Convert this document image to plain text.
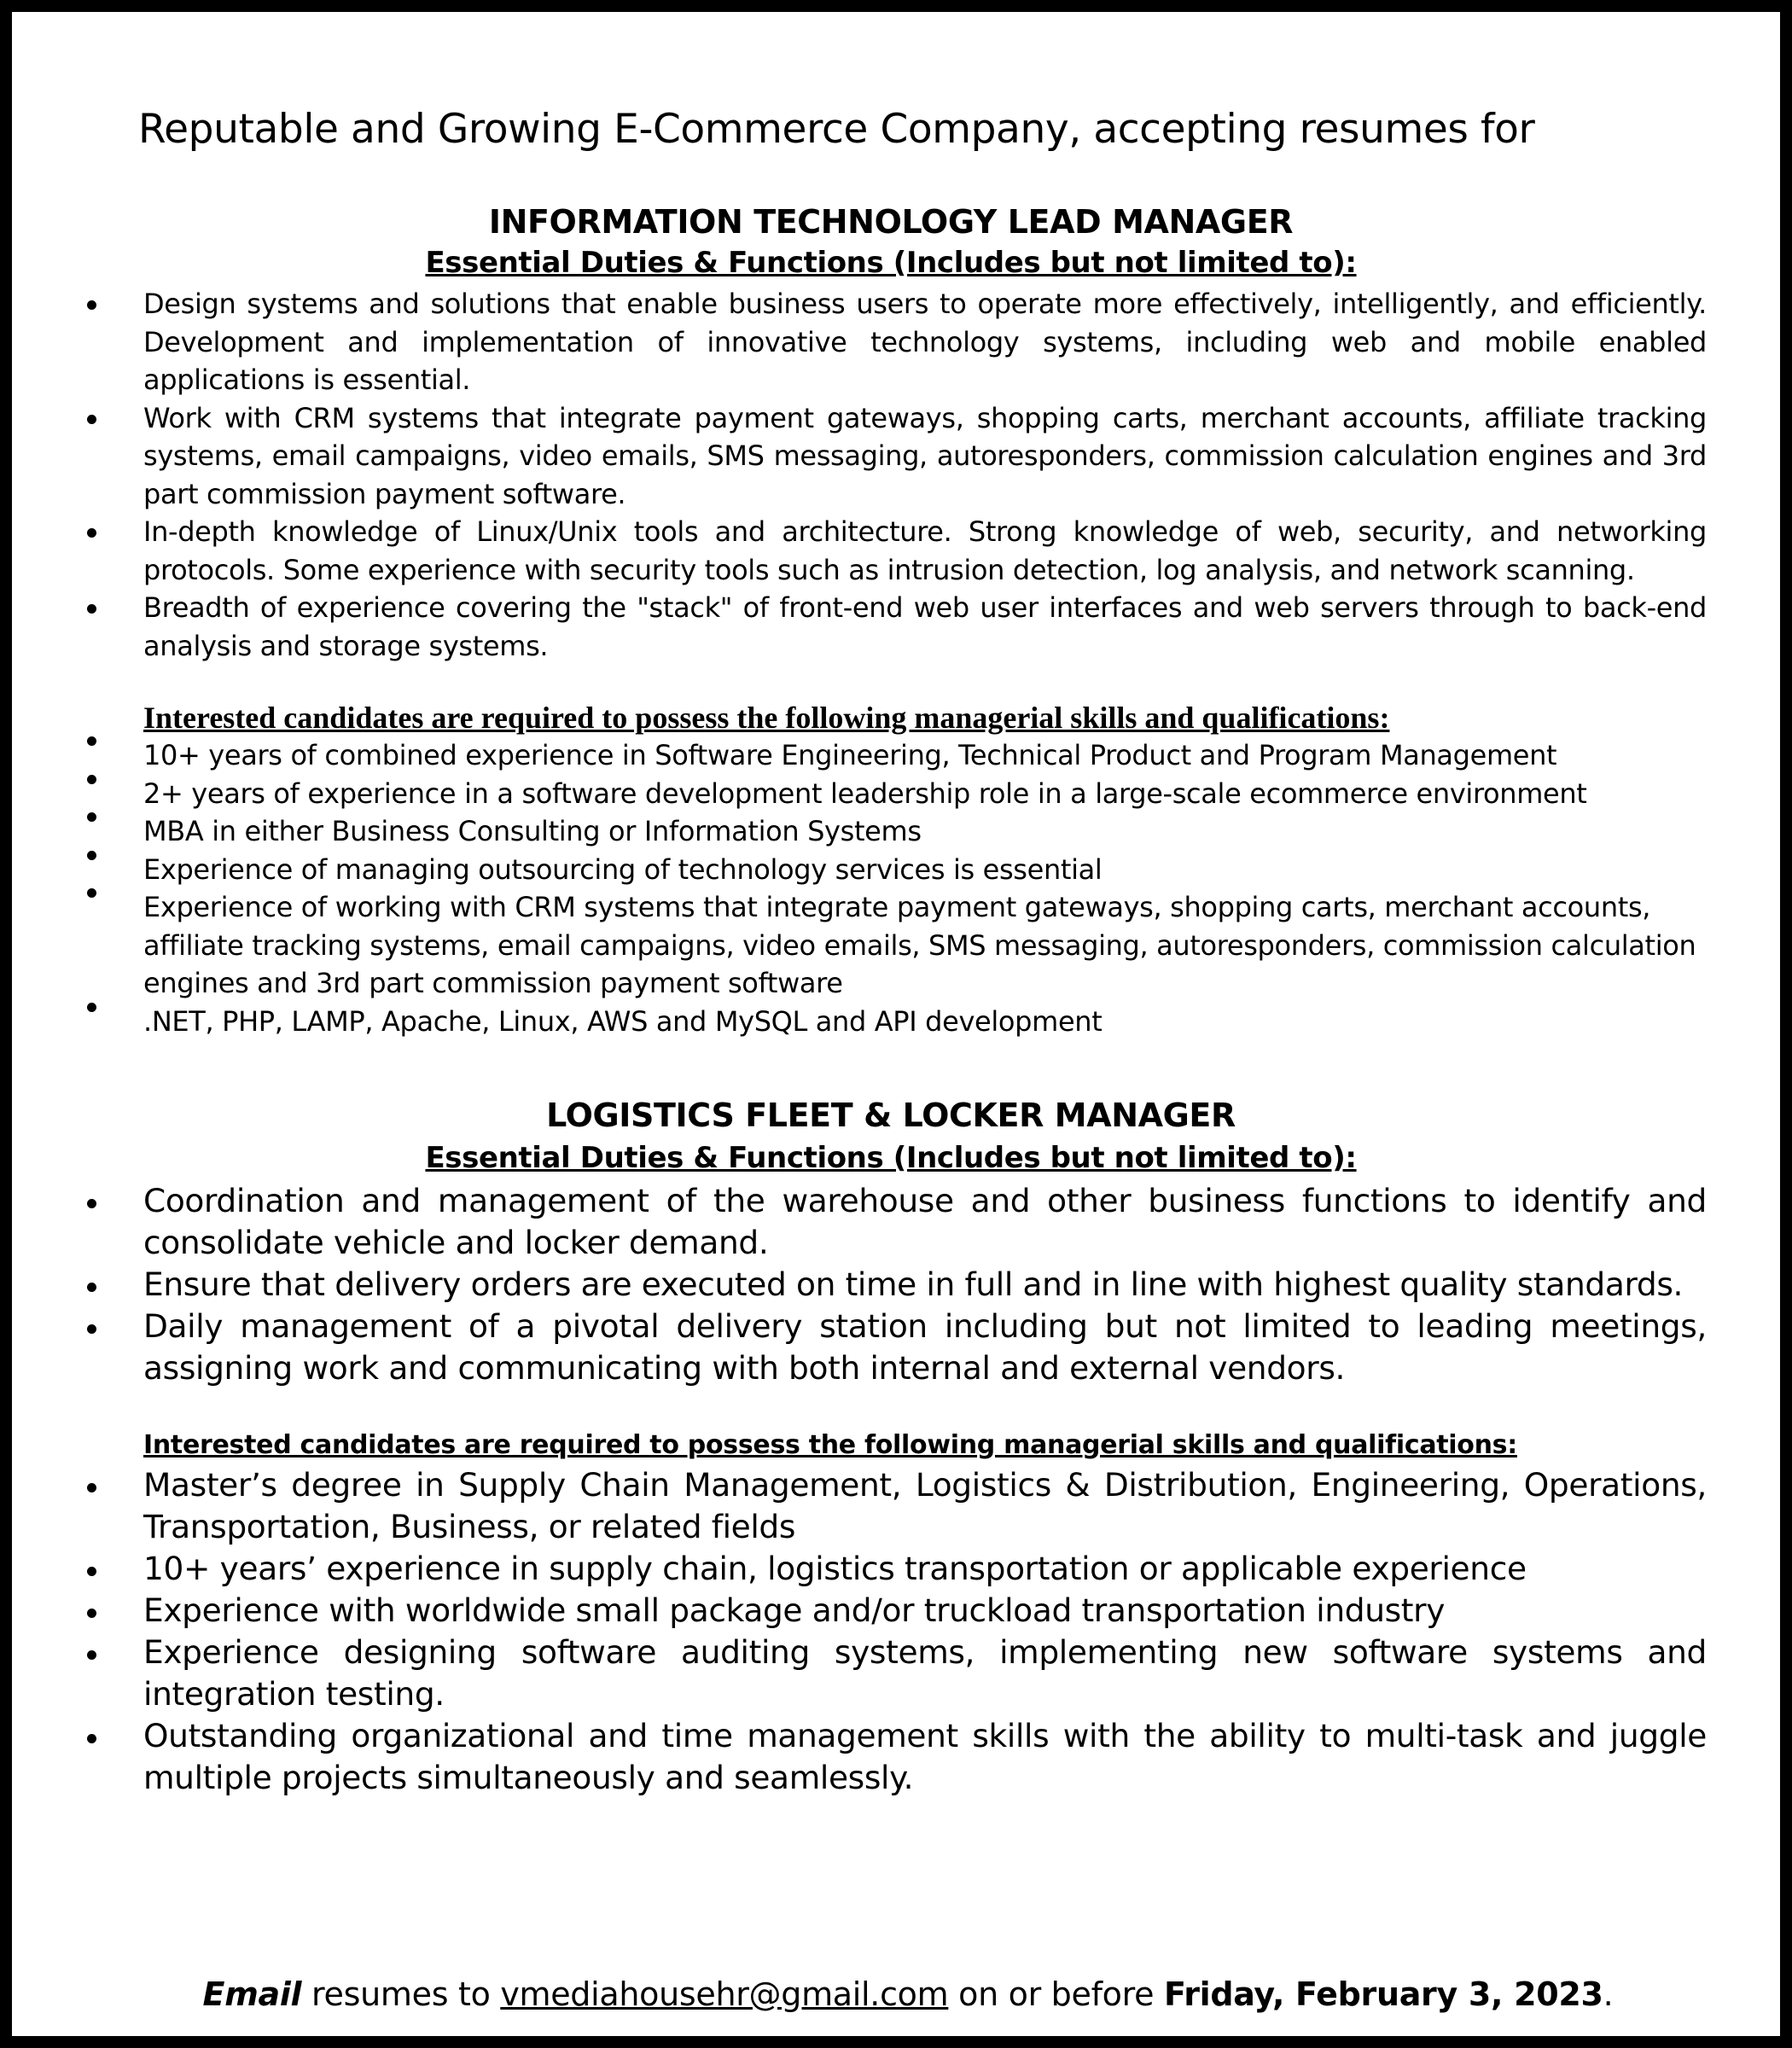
Reputable and Growing E-Commerce Company, accepting resumes for

INFORMATION TECHNOLOGY LEAD MANAGER
Essential Duties & Functions (Includes but not limited to):
Design systems and solutions that enable business users to operate more effectively, intelligently, and efficiently. Development and implementation of innovative technology systems, including web and mobile enabled applications is essential.
Work with CRM systems that integrate payment gateways, shopping carts, merchant accounts, affiliate tracking systems, email campaigns, video emails, SMS messaging, autoresponders, commission calculation engines and 3rd part commission payment software.
In-depth knowledge of Linux/Unix tools and architecture. Strong knowledge of web, security, and networking protocols. Some experience with security tools such as intrusion detection, log analysis, and network scanning.
Breadth of experience covering the "stack" of front-end web user interfaces and web servers through to back-end analysis and storage systems.

Interested candidates are required to possess the following managerial skills and qualifications:

10+ years of combined experience in Software Engineering, Technical Product and Program Management
2+ years of experience in a software development leadership role in a large-scale ecommerce environment
MBA in either Business Consulting or Information Systems
Experience of managing outsourcing of technology services is essential
Experience of working with CRM systems that integrate payment gateways, shopping carts, merchant accounts, affiliate tracking systems, email campaigns, video emails, SMS messaging, autoresponders, commission calculation engines and 3rd part commission payment software
.NET, PHP, LAMP, Apache, Linux, AWS and MySQL and API development
LOGISTICS FLEET & LOCKER MANAGER
Essential Duties & Functions (Includes but not limited to):
Coordination and management of the warehouse and other business functions to identify and consolidate vehicle and locker demand.
Ensure that delivery orders are executed on time in full and in line with highest quality standards.
Daily management of a pivotal delivery station including but not limited to leading meetings, assigning work and communicating with both internal and external vendors.

Interested candidates are required to possess the following managerial skills and qualifications:

Master’s degree in Supply Chain Management, Logistics & Distribution, Engineering, Operations, Transportation, Business, or related fields
10+ years’ experience in supply chain, logistics transportation or applicable experience
Experience with worldwide small package and/or truckload transportation industry
Experience designing software auditing systems, implementing new software systems and integration testing.
Outstanding organizational and time management skills with the ability to multi-task and juggle multiple projects simultaneously and seamlessly.
Email resumes to vmediahousehr@gmail.com on or before Friday, February 3, 2023.
